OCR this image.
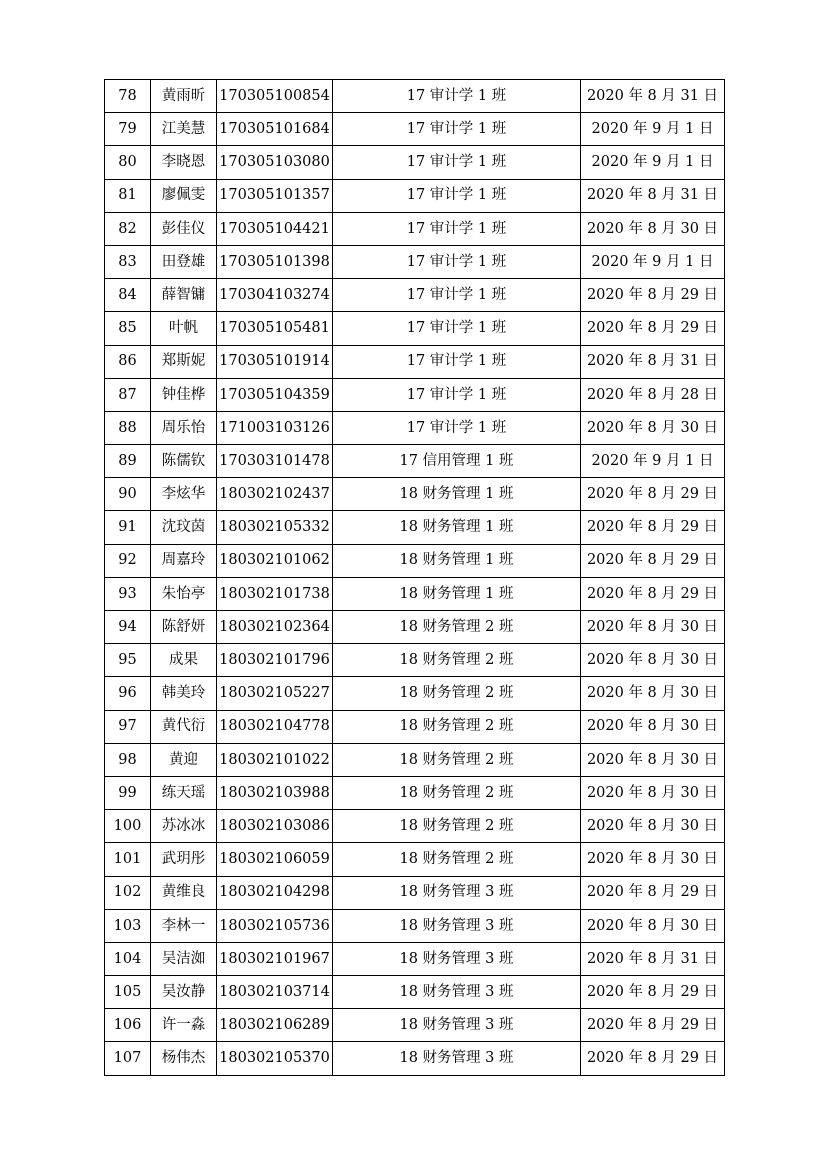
78	黄雨昕	170305100854	17 审计学 1 班	2020 年 8 月 31 日
79	江美慧	170305101684	17 审计学 1 班	2020 年 9 月 1 日
80	李晓恩	170305103080	17 审计学 1 班	2020 年 9 月 1 日
81	廖佩雯	170305101357	17 审计学 1 班	2020 年 8 月 31 日
82	彭佳仪	170305104421	17 审计学 1 班	2020 年 8 月 30 日
83	田登雄	170305101398	17 审计学 1 班	2020 年 9 月 1 日
84	薛智镛	170304103274	17 审计学 1 班	2020 年 8 月 29 日
85	叶帆	170305105481	17 审计学 1 班	2020 年 8 月 29 日
86	郑斯妮	170305101914	17 审计学 1 班	2020 年 8 月 31 日
87	钟佳桦	170305104359	17 审计学 1 班	2020 年 8 月 28 日
88	周乐怡	171003103126	17 审计学 1 班	2020 年 8 月 30 日
89	陈儒钦	170303101478	17 信用管理 1 班	2020 年 9 月 1 日
90	李炫华	180302102437	18 财务管理 1 班	2020 年 8 月 29 日
91	沈玟茵	180302105332	18 财务管理 1 班	2020 年 8 月 29 日
92	周嘉玲	180302101062	18 财务管理 1 班	2020 年 8 月 29 日
93	朱怡亭	180302101738	18 财务管理 1 班	2020 年 8 月 29 日
94	陈舒妍	180302102364	18 财务管理 2 班	2020 年 8 月 30 日
95	成果	180302101796	18 财务管理 2 班	2020 年 8 月 30 日
96	韩美玲	180302105227	18 财务管理 2 班	2020 年 8 月 30 日
97	黄代衍	180302104778	18 财务管理 2 班	2020 年 8 月 30 日
98	黄迎	180302101022	18 财务管理 2 班	2020 年 8 月 30 日
99	练天瑶	180302103988	18 财务管理 2 班	2020 年 8 月 30 日
100	苏冰冰	180302103086	18 财务管理 2 班	2020 年 8 月 30 日
101	武玥彤	180302106059	18 财务管理 2 班	2020 年 8 月 30 日
102	黄维良	180302104298	18 财务管理 3 班	2020 年 8 月 29 日
103	李林一	180302105736	18 财务管理 3 班	2020 年 8 月 30 日
104	吴洁洳	180302101967	18 财务管理 3 班	2020 年 8 月 31 日
105	吴汝静	180302103714	18 财务管理 3 班	2020 年 8 月 29 日
106	许一淼	180302106289	18 财务管理 3 班	2020 年 8 月 29 日
107	杨伟杰	180302105370	18 财务管理 3 班	2020 年 8 月 29 日
